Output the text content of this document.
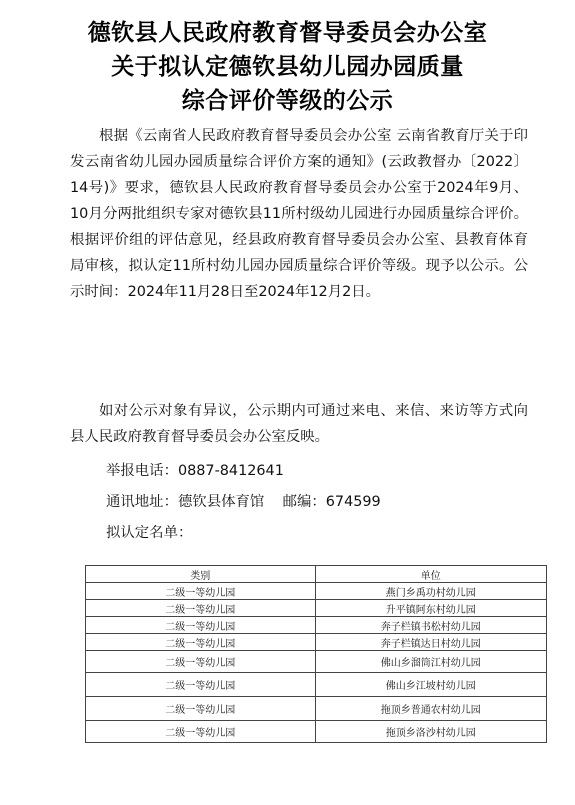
德钦县人民政府教育督导委员会办公室
关于拟认定德钦县幼儿园办园质量
综合评价等级的公示
根据《云南省人民政府教育督导委员会办公室 云南省教育厅关于印发云南省幼儿园办园质量综合评价方案的通知》(云政教督办〔2022〕14号)》要求，德钦县人民政府教育督导委员会办公室于2024年9月、10月分两批组织专家对德钦县11所村级幼儿园进行办园质量综合评价。根据评价组的评估意见，经县政府教育督导委员会办公室、县教育体育局审核，拟认定11所村幼儿园办园质量综合评价等级。现予以公示。公示时间：2024年11月28日至2024年12月2日。
如对公示对象有异议，公示期内可通过来电、来信、来访等方式向县人民政府教育督导委员会办公室反映。
举报电话：0887-8412641
通讯地址：德钦县体育馆    邮编：674599
拟认定名单：
类别	单位
二级一等幼儿园	燕门乡禹功村幼儿园
二级一等幼儿园	升平镇阿东村幼儿园
二级一等幼儿园	奔子栏镇书松村幼儿园
二级一等幼儿园	奔子栏镇达日村幼儿园
二级一等幼儿园	佛山乡溜筒江村幼儿园
二级一等幼儿园	佛山乡江坡村幼儿园
二级一等幼儿园	拖顶乡普通农村幼儿园
二级一等幼儿园	拖顶乡洛沙村幼儿园
